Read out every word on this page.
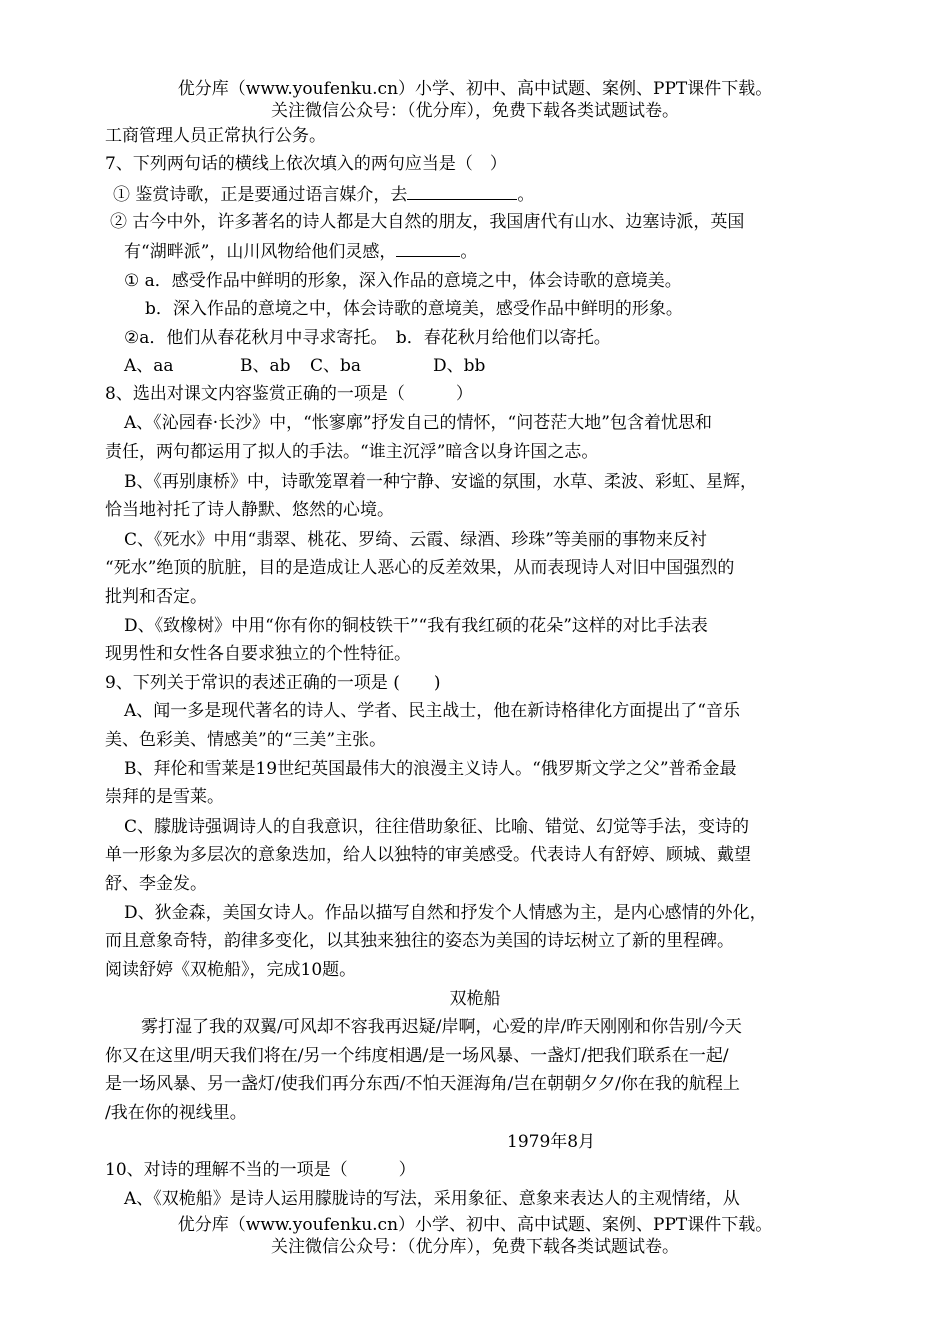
优分库（www.youfenku.cn）小学、初中、高中试题、案例、PPT课件下载。
关注微信公众号：（优分库），免费下载各类试题试卷。
工商管理人员正常执行公务。
7、下列两句话的横线上依次填入的两句应当是（　）
① 鉴赏诗歌，正是要通过语言媒介，去	。
② 古今中外，许多著名的诗人都是大自然的朋友，我国唐代有山水、边塞诗派，英国
有“湖畔派”，山川风物给他们灵感，	。
① a．感受作品中鲜明的形象，深入作品的意境之中，体会诗歌的意境美。
b．深入作品的意境之中，体会诗歌的意境美，感受作品中鲜明的形象。
②a．他们从春花秋月中寻求寄托。　b．春花秋月给他们以寄托。
A、aa	B、ab C、ba	D、bb
8、选出对课文内容鉴赏正确的一项是（　　　）
A、《沁园春·长沙》中，“怅寥廓”抒发自己的情怀，“问苍茫大地”包含着忧思和
责任，两句都运用了拟人的手法。“谁主沉浮”暗含以身许国之志。
B、《再别康桥》中，诗歌笼罩着一种宁静、安谧的氛围，水草、柔波、彩虹、星辉，
恰当地衬托了诗人静默、悠然的心境。
C、《死水》中用“翡翠、桃花、罗绮、云霞、绿酒、珍珠”等美丽的事物来反衬
“死水”绝顶的肮脏，目的是造成让人恶心的反差效果，从而表现诗人对旧中国强烈的
批判和否定。
D、《致橡树》中用“你有你的铜枝铁干”“我有我红硕的花朵”这样的对比手法表
现男性和女性各自要求独立的个性特征。
9、下列关于常识的表述正确的一项是 (　　)
A、闻一多是现代著名的诗人、学者、民主战士，他在新诗格律化方面提出了“音乐
美、色彩美、情感美”的“三美”主张。
B、拜伦和雪莱是19世纪英国最伟大的浪漫主义诗人。“俄罗斯文学之父”普希金最
崇拜的是雪莱。
C、朦胧诗强调诗人的自我意识，往往借助象征、比喻、错觉、幻觉等手法，变诗的
单一形象为多层次的意象迭加，给人以独特的审美感受。代表诗人有舒婷、顾城、戴望
舒、李金发。
D、狄金森，美国女诗人。作品以描写自然和抒发个人情感为主，是内心感情的外化，
而且意象奇特，韵律多变化，以其独来独往的姿态为美国的诗坛树立了新的里程碑。
阅读舒婷《双桅船》，完成10题。
双桅船
雾打湿了我的双翼/可风却不容我再迟疑/岸啊，心爱的岸/昨天刚刚和你告别/今天
你又在这里/明天我们将在/另一个纬度相遇/是一场风暴、一盏灯/把我们联系在一起/
是一场风暴、另一盏灯/使我们再分东西/不怕天涯海角/岂在朝朝夕夕/你在我的航程上
/我在你的视线里。
1979年8月
10、对诗的理解不当的一项是（　　　）
A、《双桅船》是诗人运用朦胧诗的写法，采用象征、意象来表达人的主观情绪，从
优分库（www.youfenku.cn）小学、初中、高中试题、案例、PPT课件下载。
关注微信公众号：（优分库），免费下载各类试题试卷。
